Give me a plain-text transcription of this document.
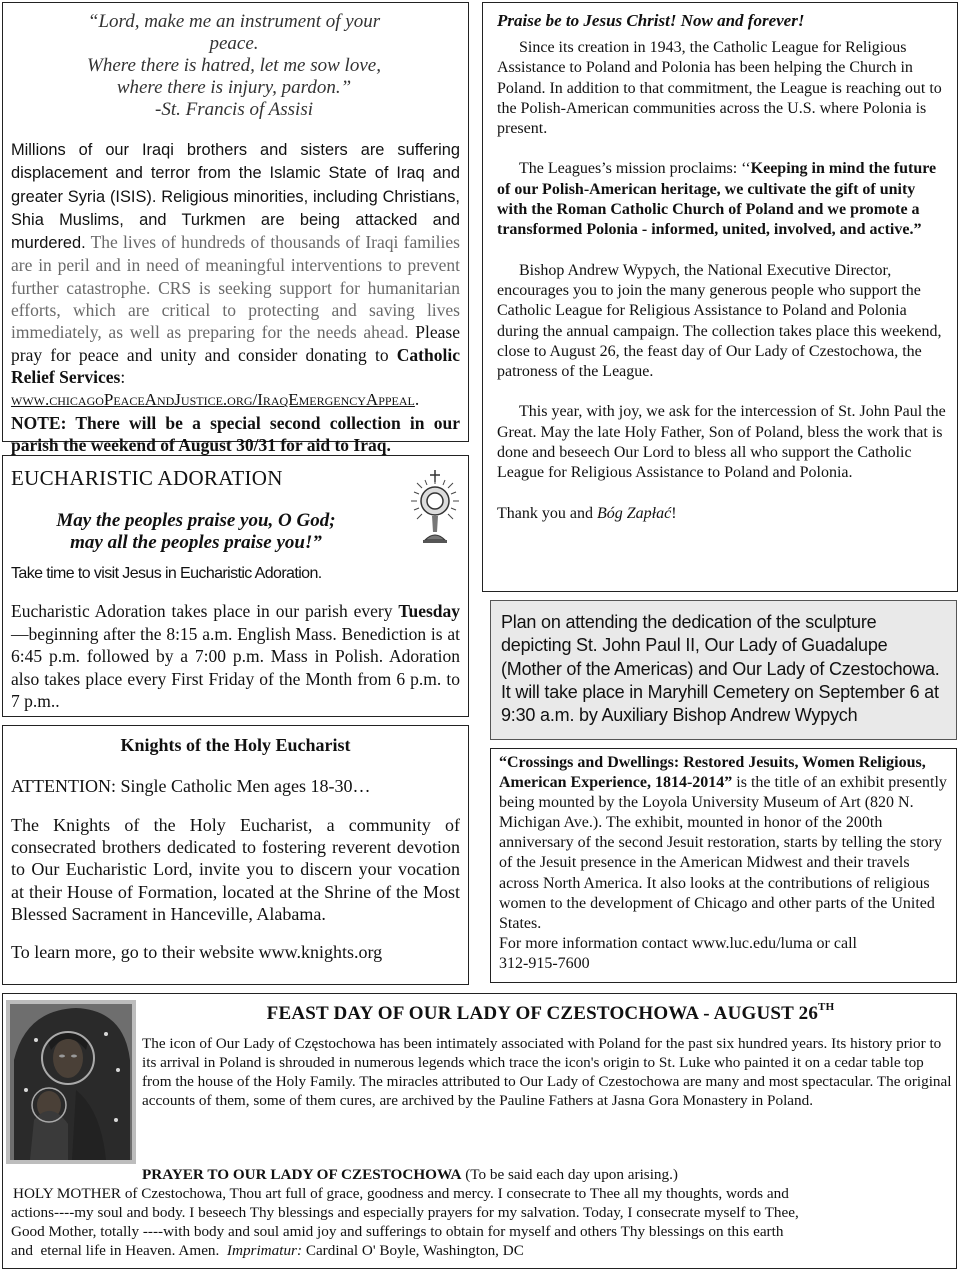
“Lord, make me an instrument of your peace.

Where there is hatred, let me sow love,

where there is injury, pardon.”

-St. Francis of Assisi

Millions of our Iraqi brothers and sisters are suffering displacement and terror from the Islamic State of Iraq and greater Syria (ISIS). Religious minorities, including Christians, Shia Muslims, and Turkmen are being attacked and murdered. The lives of hundreds of thousands of Iraqi families are in peril and in need of meaningful interventions to prevent further catastrophe. CRS is seeking support for humanitarian efforts, which are critical to protecting and saving lives immediately, as well as preparing for the needs ahead. Please pray for peace and unity and consider donating to Catholic Relief Services:
www.chicagoPeaceAndJustice.org/IraqEmergencyAppeal. NOTE: There will be a special second collection in our parish the weekend of August 30/31 for aid to Iraq.

EUCHARISTIC ADORATION

May the peoples praise you, O God;
may all the peoples praise you!”

Take time to visit Jesus in Eucharistic Adoration.

Eucharistic Adoration takes place in our parish every Tuesday—beginning after the 8:15 a.m. English Mass. Benediction is at 6:45 p.m. followed by a 7:00 p.m. Mass in Polish. Adoration also takes place every First Friday of the Month from 6 p.m. to 7 p.m..

Knights of the Holy Eucharist

ATTENTION: Single Catholic Men ages 18-30…

The Knights of the Holy Eucharist, a community of consecrated brothers dedicated to fostering reverent devotion to Our Eucharistic Lord, invite you to discern your vocation at their House of Formation, located at the Shrine of the Most Blessed Sacrament in Hanceville, Alabama.

To learn more, go to their website www.knights.org

Praise be to Jesus Christ! Now and forever!

Since its creation in 1943, the Catholic League for Religious Assistance to Poland and Polonia has been helping the Church in Poland. In addition to that commitment, the League is reaching out to the Polish-American communities across the U.S. where Polonia is present.

The Leagues’s mission proclaims: ‘‘Keeping in mind the future of our Polish-American heritage, we cultivate the gift of unity with the Roman Catholic Church of Poland and we promote a transformed Polonia - informed, united, involved, and active.”

Bishop Andrew Wypych, the National Executive Director, encourages you to join the many generous people who support the Catholic League for Religious Assistance to Poland and Polonia during the annual campaign. The collection takes place this weekend, close to August 26, the feast day of Our Lady of Czestochowa, the patroness of the League.

This year, with joy, we ask for the intercession of St. John Paul the Great. May the late Holy Father, Son of Poland, bless the work that is done and beseech Our Lord to bless all who support the Catholic League for Religious Assistance to Poland and Polonia.

Thank you and Bóg Zapłać!

Plan on attending the dedication of the sculpture depicting St. John Paul II, Our Lady of Guadalupe (Mother of the Americas) and Our Lady of Czestochowa. It will take place in Maryhill Cemetery on September 6 at 9:30 a.m. by Auxiliary Bishop Andrew Wypych

“Crossings and Dwellings: Restored Jesuits, Women Religious, American Experience, 1814-2014” is the title of an exhibit presently being mounted by the Loyola University Museum of Art (820 N. Michigan Ave.). The exhibit, mounted in honor of the 200th anniversary of the second Jesuit restoration, starts by telling the story of the Jesuit presence in the American Midwest and their travels across North America. It also looks at the contributions of religious women to the development of Chicago and other parts of the United States.
For more information contact www.luc.edu/luma or call
312-915-7600

FEAST DAY OF OUR LADY OF CZESTOCHOWA - AUGUST 26TH

The icon of Our Lady of Częstochowa has been intimately associated with Poland for the past six hundred years. Its history prior to its arrival in Poland is shrouded in numerous legends which trace the icon's origin to St. Luke who painted it on a cedar table top from the house of the Holy Family. The miracles attributed to Our Lady of Czestochowa are many and most spectacular. The original accounts of them, some of them cures, are archived by the Pauline Fathers at Jasna Gora Monastery in Poland.

PRAYER TO OUR LADY OF CZESTOCHOWA (To be said each day upon arising.)

HOLY MOTHER of Czestochowa, Thou art full of grace, goodness and mercy. I consecrate to Thee all my thoughts, words and

actions----my soul and body. I beseech Thy blessings and especially prayers for my salvation. Today, I consecrate myself to Thee,

Good Mother, totally ----with body and soul amid joy and sufferings to obtain for myself and others Thy blessings on this earth

and  eternal life in Heaven. Amen.  Imprimatur: Cardinal O' Boyle, Washington, DC
